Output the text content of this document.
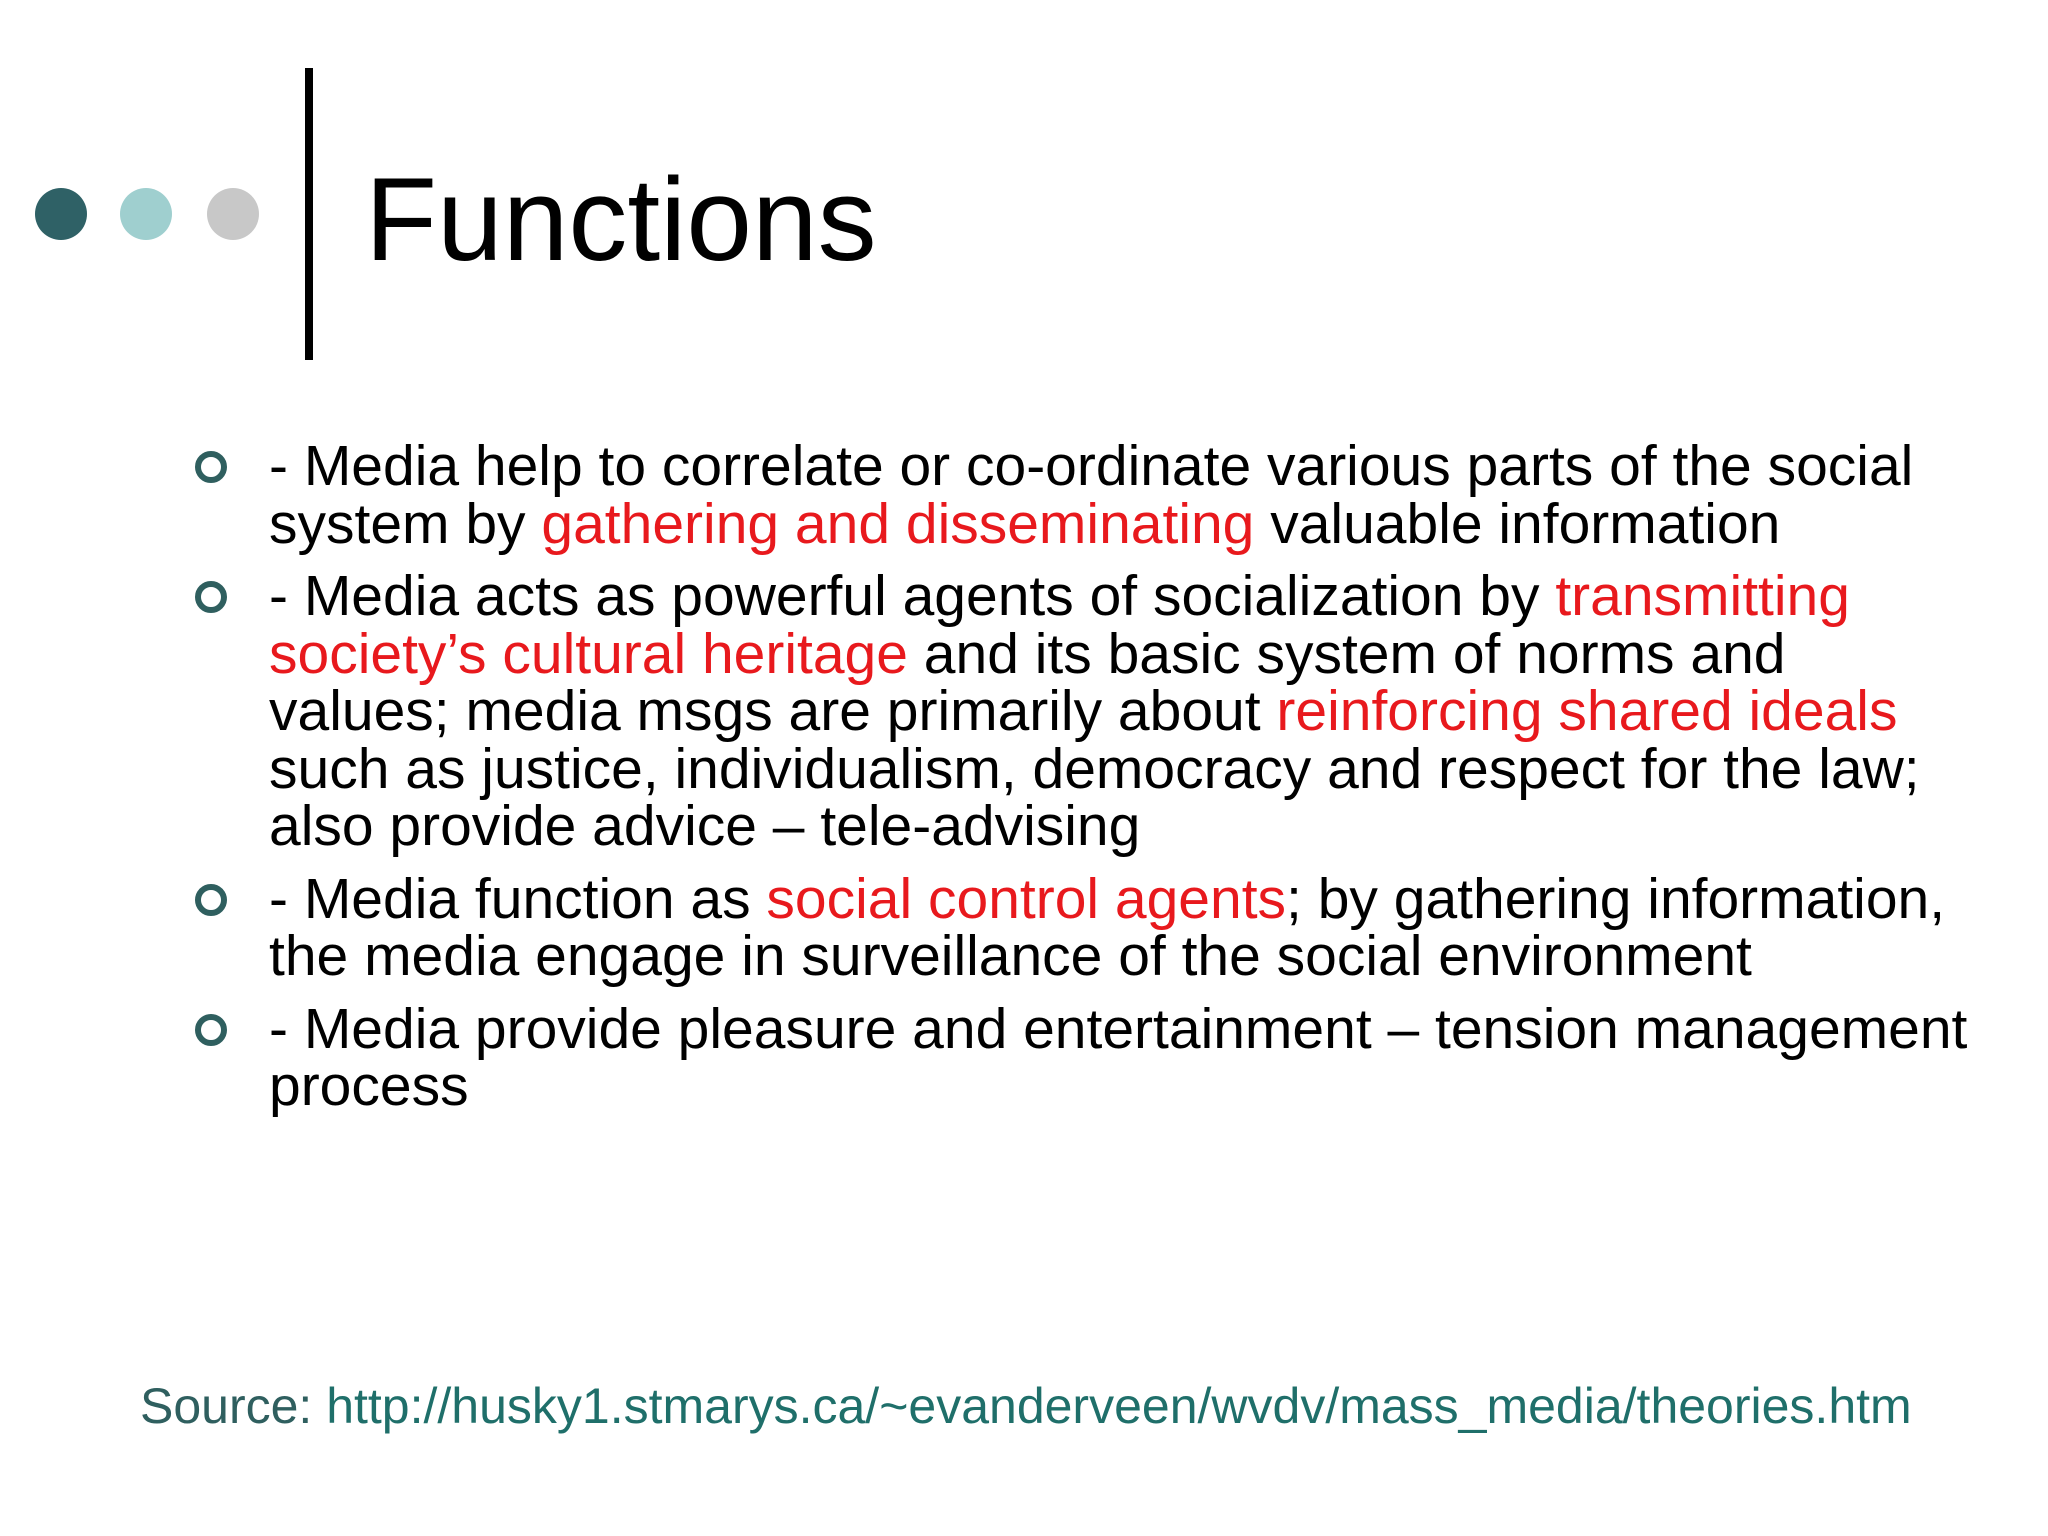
Functions
- Media help to correlate or co-ordinate various parts of the social system by gathering and disseminating valuable information
- Media acts as powerful agents of socialization by transmitting society’s cultural heritage and its basic system of norms and values; media msgs are primarily about reinforcing shared ideals such as justice, individualism, democracy and respect for the law; also provide advice – tele-advising
- Media function as social control agents; by gathering information, the media engage in surveillance of the social environment
- Media provide pleasure and entertainment – tension management process
Source: http://husky1.stmarys.ca/~evanderveen/wvdv/mass_media/theories.htm
